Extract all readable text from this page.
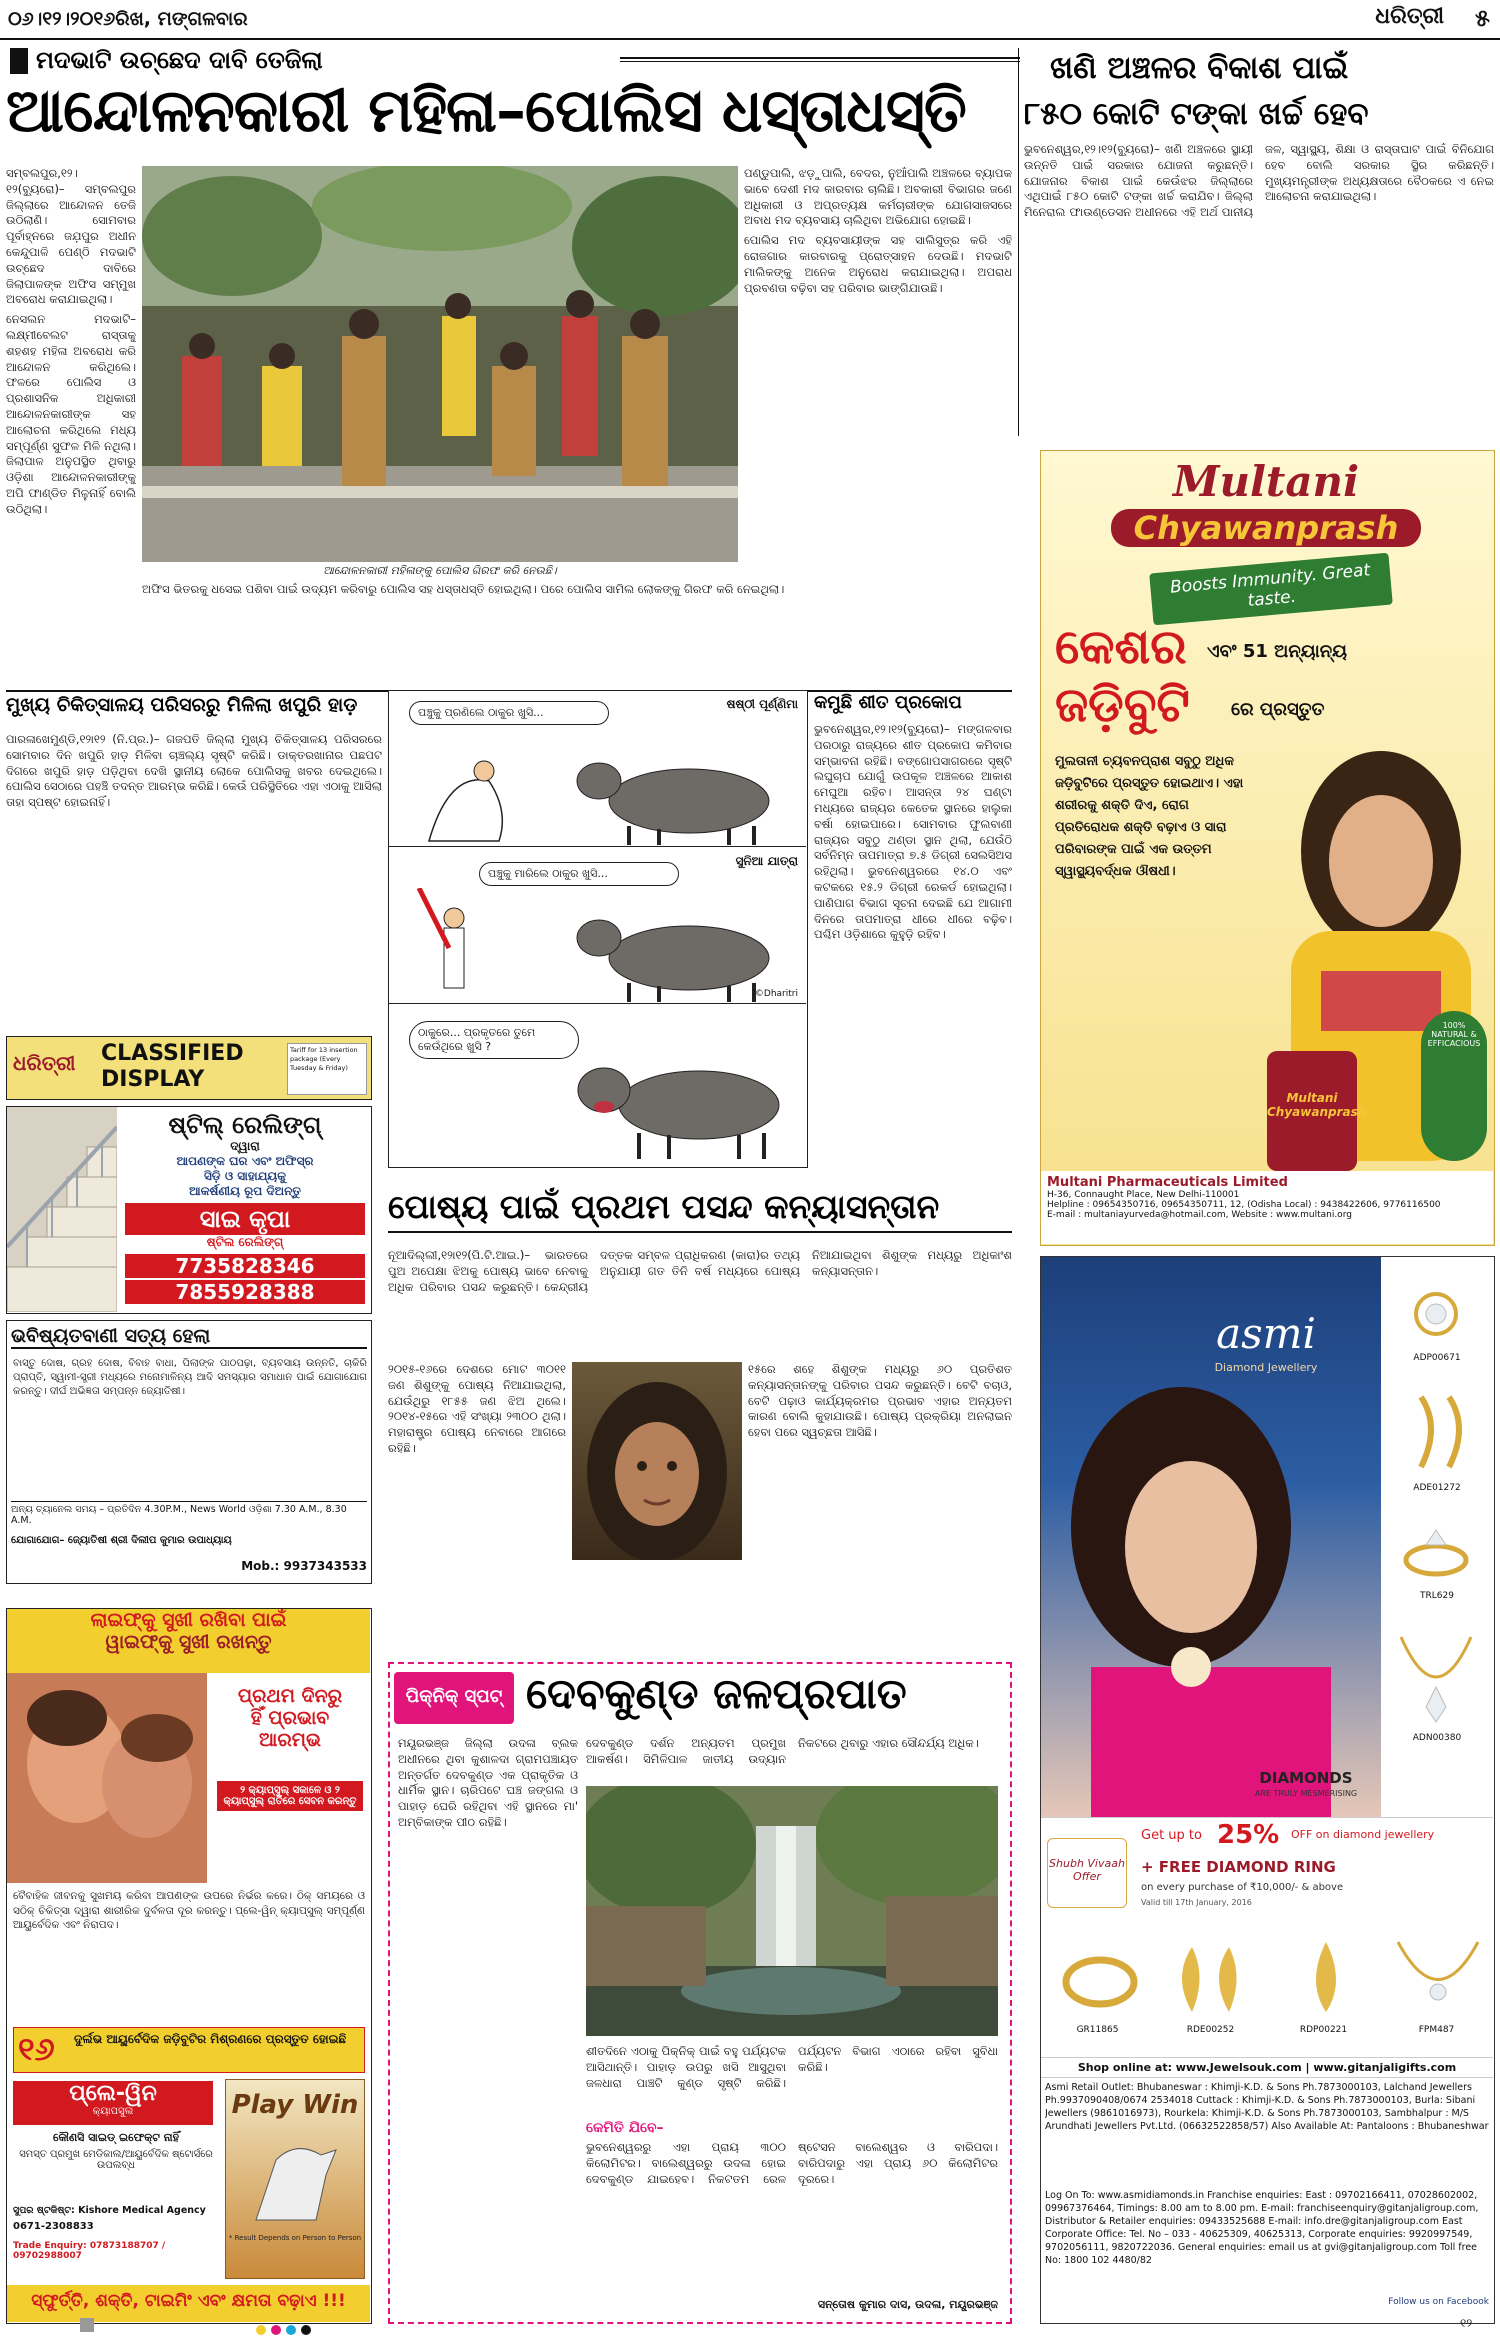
୦୬।୧୨।୨୦୧୬ରିଖ, ମଙ୍ଗଳବାର	ଧରିତ୍ରୀ ୫
ମଦଭାଟି ଉଚ୍ଛେଦ ଦାବି ତେଜିଲା
ଆନ୍ଦୋଳନକାରୀ ମହିଳା–ପୋଲିସ ଧସ୍ତାଧସ୍ତି

ସମ୍ବଲପୁର,୧୨।୧୨(ବ୍ୟୁରୋ)– ସମ୍ବଲପୁର ଜିଲ୍ଲାରେ ଆନ୍ଦୋଳନ ତେଜି ଉଠିଲାଣି। ସୋମବାର ପୂର୍ବାହ୍ନରେ ଜଯ଼ପୁର ଅଧୀନ କେନ୍ଦୁପାଳି ପେଣ୍ଠି ମଦଭାଟି ଉଚ୍ଛେଦ ଦାବିରେ ଜିଲାପାଳଙ୍କ ଅଫିସ ସମ୍ମୁଖ ଅବରୋଧ କରାଯାଇଥିଲା।

ନେସଲନ ମଦଭାଟି–ଲକ୍ଷ୍ମୀବେଲଟ ରାସ୍ତାକୁ ଶହଶହ ମହିଳା ଅବରୋଧ କରି ଆନ୍ଦୋଳନ କରିଥିଲେ। ଫଳରେ ପୋଲିସ ଓ ପ୍ରଶାସନିକ ଅଧିକାରୀ ଆନ୍ଦୋଳନକାରୀଙ୍କ ସହ ଆଲୋଚନା କରିଥିଲେ ମଧ୍ୟ ସମ୍ପୂର୍ଣ୍ଣ ସୁଫଳ ମିଳି ନଥିଲା। ଜିଲାପାଳ ଅନୁପସ୍ଥିତ ଥିବାରୁ ଓଡ଼ିଶା ଆନ୍ଦୋଳନକାରୀଙ୍କୁ ଅପି ଫାଣ୍ଡିତ ମିଳୁନାହିଁ ବୋଲି ଉଠିଥିଲା।

ଆନ୍ଦୋଳନକାରୀ ମହିଳାଙ୍କୁ ପୋଲିସ ଗିରଫ କରି ନେଉଛି।

ପଣ୍ଡୁପାଲି, ଝଡ଼ୁପାଲି, ବେଦର, ନୁଆଁପାଲି ଅଞ୍ଚଳରେ ବ୍ୟାପକ ଭାବେ ଦେଶୀ ମଦ କାରବାର ଚାଲିଛି। ଅବକାରୀ ବିଭାଗର ଜଣେ ଅଧିକାରୀ ଓ ଅପ୍ରତ୍ୟକ୍ଷ କର୍ମଚାରୀଙ୍କ ଯୋଗସାଜସରେ ଅବାଧ ମଦ ବ୍ୟବସାୟ ଚାଲିଥିବା ଅଭିଯୋଗ ହୋଇଛି।

ପୋଲିସ ମଦ ବ୍ୟବସାୟୀଙ୍କ ସହ ସାଲିସୁତ୍ର କରି ଏହି ରୋଜଗାର କାରବାରକୁ ପ୍ରୋତ୍ସାହନ ଦେଉଛି। ମଦଭାଟି ମାଲିକଙ୍କୁ ଅନେକ ଅନୁରୋଧ କରାଯାଇଥିଲା। ଅପରାଧ ପ୍ରବଣତା ବଢ଼ିବା ସହ ପରିବାର ଭାଙ୍ଗିଯାଉଛି।

ଅଫିସ ଭିତରକୁ ଧସେଇ ପଶିବା ପାଇଁ ଉଦ୍ୟମ କରିବାରୁ ପୋଲିସ ସହ ଧସ୍ତାଧସ୍ତି ହୋଇଥିଲା। ପରେ ପୋଲିସ ସାମିଲ ଲୋକଙ୍କୁ ଗିରଫ କରି ନେଇଥିଲା।

ଖଣି ଅଞ୍ଚଳର ବିକାଶ ପାଇଁ
୮୫୦ କୋଟି ଟଙ୍କା ଖର୍ଚ୍ଚ ହେବ
ଭୁବନେଶ୍ୱର,୧୨।୧୨(ବ୍ୟୁରୋ)– ଖଣି ଅଞ୍ଚଳରେ ସ୍ଥାୟୀ ଉନ୍ନତି ପାଇଁ ସରକାର ଯୋଜନା କରୁଛନ୍ତି। ଯୋଜନାର ବିକାଶ ପାଇଁ କେଉଁଝର ଜିଲ୍ଲାରେ ଏଥିପାଇଁ ୮୫୦ କୋଟି ଟଙ୍କା ଖର୍ଚ୍ଚ କରାଯିବ। ଜିଲ୍ଲା ମିନେରାଲ ଫାଉଣ୍ଡେସନ ଅଧୀନରେ ଏହି ଅର୍ଥ ପାନୀୟ ଜଳ, ସ୍ୱାସ୍ଥ୍ୟ, ଶିକ୍ଷା ଓ ରାସ୍ତାଘାଟ ପାଇଁ ବିନିଯୋଗ ହେବ ବୋଲି ସରକାର ସ୍ଥିର କରିଛନ୍ତି। ମୁଖ୍ୟମନ୍ତ୍ରୀଙ୍କ ଅଧ୍ୟକ୍ଷତାରେ ବୈଠକରେ ଏ ନେଇ ଆଲୋଚନା କରାଯାଇଥିଲା।
ମୁଖ୍ୟ ଚିକିତ୍ସାଳୟ ପରିସରରୁ ମିଳିଲା ଖପୁରି ହାଡ଼
ପାରଳାଖେମୁଣ୍ଡି,୧୨ା୧୨ (ନି.ପ୍ର.)– ଗଜପତି ଜିଲ୍ଲା ମୁଖ୍ୟ ଚିକିତ୍ସାଳୟ ପରିସରରେ ସୋମବାର ଦିନ ଖପୁରି ହାଡ଼ ମିଳିବା ଚାଞ୍ଚଲ୍ୟ ସୃଷ୍ଟି କରିଛି। ଡାକ୍ତରଖାନାର ପଛପଟ ଦିଗରେ ଖପୁରି ହାଡ଼ ପଡ଼ିଥିବା ଦେଖି ସ୍ଥାନୀୟ ଲୋକେ ପୋଲିସକୁ ଖବର ଦେଇଥିଲେ। ପୋଲିସ ସେଠାରେ ପହଞ୍ଚି ତଦନ୍ତ ଆରମ୍ଭ କରିଛି। କେଉଁ ପରିସ୍ଥିତିରେ ଏହା ଏଠାକୁ ଆସିଲା ତାହା ସ୍ପଷ୍ଟ ହୋଇନାହିଁ।
ଷଷ୍ଠୀ ପୂର୍ଣ୍ଣିମା
ପଞ୍ଚୁକୁ ପ୍ରଣିଲେ ଠାକୁର ଖୁସି...
ସୁନିଆ ଯାତ୍ରା
ପଞ୍ଚୁକୁ ମାରିଲେ ଠାକୁର ଖୁସି...
©Dharitri
ଠାକୁରେ... ପ୍ରକୃତରେ ତୁମେ କେଉଁଥିରେ ଖୁସି ?
କମୁଛି ଶୀତ ପ୍ରକୋପ
ଭୁବନେଶ୍ୱର,୧୨।୧୨(ବ୍ୟୁରୋ)– ମଙ୍ଗଳବାର ପରଠାରୁ ରାଜ୍ୟରେ ଶୀତ ପ୍ରକୋପ କମିବାର ସମ୍ଭାବନା ରହିଛି। ବଙ୍ଗୋପସାଗରରେ ସୃଷ୍ଟି ଲଘୁଚାପ ଯୋଗୁଁ ଉପକୂଳ ଅଞ୍ଚଳରେ ଆକାଶ ମେଘୁଆ ରହିବ। ଆସନ୍ତା ୨୪ ଘଣ୍ଟା ମଧ୍ୟରେ ରାଜ୍ୟର କେତେକ ସ୍ଥାନରେ ହାଲୁକା ବର୍ଷା ହୋଇପାରେ। ସୋମବାର ଫୁଲବାଣୀ ରାଜ୍ୟର ସବୁଠୁ ଥଣ୍ଡା ସ୍ଥାନ ଥିଲା, ଯେଉଁଠି ସର୍ବନିମ୍ନ ତାପମାତ୍ରା ୭.୫ ଡିଗ୍ରୀ ସେଲସିଅସ ରହିଥିଲା। ଭୁବନେଶ୍ୱରରେ ୧୪.୦ ଏବଂ କଟକରେ ୧୫.୨ ଡିଗ୍ରୀ ରେକର୍ଡ ହୋଇଥିଲା। ପାଣିପାଗ ବିଭାଗ ସୂଚନା ଦେଇଛି ଯେ ଆଗାମୀ ଦିନରେ ତାପମାତ୍ରା ଧୀରେ ଧୀରେ ବଢ଼ିବ। ପଶ୍ଚିମ ଓଡ଼ିଶାରେ କୁହୁଡ଼ି ରହିବ।
ଧରିତ୍ରୀ CLASSIFIED
DISPLAY
Tariff for 13 insertion package (Every Tuesday & Friday)
ଷ୍ଟିଲ୍ ରେଲିଙ୍ଗ୍
ଦ୍ୱାରା
ଆପଣଙ୍କ ଘର ଏବଂ ଅଫିସ୍‌ର
ସିଡ଼ି ଓ ସାହାଯ୍ୟକୁ
ଆକର୍ଷଣୀୟ ରୂପ ଦିଅନ୍ତୁ
ସାଇ କୃପା
ଷ୍ଟିଲ ରେଲିଙ୍ଗ୍
7735828346
7855928388
ଭବିଷ୍ୟତବାଣୀ ସତ୍ୟ ହେଲା
ବାସ୍ତୁ ଦୋଷ, ଗ୍ରହ ଦୋଷ, ବିବାହ ବାଧା, ପିଲାଙ୍କ ପାଠପଢ଼ା, ବ୍ୟବସାୟ ଉନ୍ନତି, ଚାକିରି ପ୍ରାପ୍ତି, ସ୍ୱାମୀ-ସ୍ତ୍ରୀ ମଧ୍ୟରେ ମନୋମାଳିନ୍ୟ ଆଦି ସମସ୍ୟାର ସମାଧାନ ପାଇଁ ଯୋଗାଯୋଗ କରନ୍ତୁ। ଦୀର୍ଘ ଅଭିଜ୍ଞତା ସମ୍ପନ୍ନ ଜ୍ୟୋତିଷୀ।
ଅନ୍ୟ ଚ୍ୟାନେଲ ସମୟ – ପ୍ରତିଦିନ 4.30P.M., News World ଓଡ଼ିଶା 7.30 A.M., 8.30 A.M.
ଯୋଗାଯୋଗ– ଜ୍ୟୋତିଷୀ ଶ୍ରୀ ଦିଲୀପ କୁମାର ଉପାଧ୍ୟାୟ
Mob.: 9937343533
ଲାଇଫ୍‌କୁ ସୁଖୀ ରଖିବା ପାଇଁ
ୱାଇଫ୍‌କୁ ସୁଖୀ ରଖନ୍ତୁ
ପ୍ରଥମ ଦିନରୁ
ହିଁ ପ୍ରଭାବ
ଆରମ୍ଭ
୨ କ୍ୟାପ୍‌ସୁଲ୍ ସକାଳେ ଓ ୨ କ୍ୟାପ୍‌ସୁଲ୍ ରାତିରେ ସେବନ କରନ୍ତୁ
ବୈବାହିକ ଜୀବନକୁ ସୁଖମୟ କରିବା ଆପଣଙ୍କ ଉପରେ ନିର୍ଭର କରେ। ଠିକ୍ ସମୟରେ ଓ ସଠିକ୍ ଚିକିତ୍ସା ଦ୍ୱାରା ଶାରୀରିକ ଦୁର୍ବଳତା ଦୂର କରନ୍ତୁ। ପ୍ଲେ-ୱିନ୍ କ୍ୟାପ୍‌ସୁଲ୍ ସମ୍ପୂର୍ଣ୍ଣ ଆୟୁର୍ବେଦିକ ଏବଂ ନିରାପଦ।
୧୬ ଦୁର୍ଲଭ ଆୟୁର୍ବେଦିକ ଜଡ଼ିବୁଟିର ମିଶ୍ରଣରେ ପ୍ରସ୍ତୁତ ହୋଇଛି
ପ୍ଲେ-ୱିନ
କ୍ୟାପସୁଲ	Play Win
* Result Depends on Person to Person
କୌଣସି ସାଇଡ୍ ଇଫେକ୍ଟ ନାହିଁ
ସମସ୍ତ ପ୍ରମୁଖ ମେଡିକାଲ/ଆୟୁର୍ବେଦିକ ଷ୍ଟୋର୍ସରେ ଉପଲବ୍ଧ
ସୁପର ଷ୍ଟକିଷ୍ଟ: Kishore Medical Agency
0671-2308833
Trade Enquiry: 07873188707 / 09702988007
ସ୍ଫୁର୍ତ୍ତି, ଶକ୍ତି, ଟାଇମିଂ ଏବଂ କ୍ଷମତା ବଢ଼ାଏ !!!
ପୋଷ୍ୟ ପାଇଁ ପ୍ରଥମ ପସନ୍ଦ କନ୍ୟାସନ୍ତାନ
ନୂଆଦିଲ୍ଲୀ,୧୨ା୧୨(ପି.ଟି.ଆଇ.)– ଭାରତରେ ପୁଅ ଅପେକ୍ଷା ଝିଅକୁ ପୋଷ୍ୟ ଭାବେ ନେବାକୁ ଅଧିକ ପରିବାର ପସନ୍ଦ କରୁଛନ୍ତି। କେନ୍ଦ୍ରୀୟ ଦତ୍ତକ ସମ୍ବଳ ପ୍ରାଧିକରଣ (କାରା)ର ତଥ୍ୟ ଅନୁଯାୟୀ ଗତ ତିନି ବର୍ଷ ମଧ୍ୟରେ ପୋଷ୍ୟ ନିଆଯାଇଥିବା ଶିଶୁଙ୍କ ମଧ୍ୟରୁ ଅଧିକାଂଶ କନ୍ୟାସନ୍ତାନ।
୨୦୧୫-୧୬ରେ ଦେଶରେ ମୋଟ ୩୦୧୧ ଜଣ ଶିଶୁଙ୍କୁ ପୋଷ୍ୟ ନିଆଯାଇଥିଲା, ଯେଉଁଥିରୁ ୧୮୫୫ ଜଣ ଝିଅ ଥିଲେ। ୨୦୧୪-୧୫ରେ ଏହି ସଂଖ୍ୟା ୨୩୦୦ ଥିଲା। ମହାରାଷ୍ଟ୍ର ପୋଷ୍ୟ ନେବାରେ ଆଗରେ ରହିଛି।
୧୫ରେ ଶହେ ଶିଶୁଙ୍କ ମଧ୍ୟରୁ ୬୦ ପ୍ରତିଶତ କନ୍ୟାସନ୍ତାନଙ୍କୁ ପରିବାର ପସନ୍ଦ କରୁଛନ୍ତି। ବେଟି ବଚାଓ, ବେଟି ପଢ଼ାଓ କାର୍ଯ୍ୟକ୍ରମର ପ୍ରଭାବ ଏହାର ଅନ୍ୟତମ କାରଣ ବୋଲି କୁହାଯାଉଛି। ପୋଷ୍ୟ ପ୍ରକ୍ରିୟା ଅନଲାଇନ ହେବା ପରେ ସ୍ୱଚ୍ଛତା ଆସିଛି।
ପିକ୍‌ନିକ୍ ସ୍ପଟ୍ ଦେବକୁଣ୍ଡ ଜଳପ୍ରପାତ
ମୟୂରଭଞ୍ଜ ଜିଲ୍ଲା ଉଦଳା ବ୍ଲକ ଅଧୀନରେ ଥିବା କୁଶାଳଦା ଗ୍ରାମପଞ୍ଚାୟତ ଅନ୍ତର୍ଗତ ଦେବକୁଣ୍ଡ ଏକ ପ୍ରାକୃତିକ ଓ ଧାର୍ମିକ ସ୍ଥାନ। ଚାରିପଟେ ଘଞ୍ଚ ଜଙ୍ଗଲ ଓ ପାହାଡ଼ ଘେରି ରହିଥିବା ଏହି ସ୍ଥାନରେ ମା' ଅମ୍ବିକାଙ୍କ ପୀଠ ରହିଛି।
ଦେବକୁଣ୍ଡ ଦର୍ଶନ ଅନ୍ୟତମ ପ୍ରମୁଖ ଆକର୍ଷଣ। ସିମିଳିପାଳ ଜାତୀୟ ଉଦ୍ୟାନ ନିକଟରେ ଥିବାରୁ ଏହାର ସୌନ୍ଦର୍ଯ୍ୟ ଅଧିକ।
ଶୀତଦିନେ ଏଠାକୁ ପିକ୍‌ନିକ୍ ପାଇଁ ବହୁ ପର୍ଯ୍ୟଟକ ଆସିଥାନ୍ତି। ପାହାଡ଼ ଉପରୁ ଖସି ଆସୁଥିବା ଜଳଧାରା ପାଞ୍ଚଟି କୁଣ୍ଡ ସୃଷ୍ଟି କରିଛି। ପର୍ଯ୍ୟଟନ ବିଭାଗ ଏଠାରେ ରହିବା ସୁବିଧା କରିଛି।
କେମିତି ଯିବେ–
ଭୁବନେଶ୍ୱରରୁ ଏହା ପ୍ରାୟ ୩୦୦ କିଲୋମିଟର। ବାଲେଶ୍ୱରରୁ ଉଦଳା ହୋଇ ଦେବକୁଣ୍ଡ ଯାଇହେବ। ନିକଟତମ ରେଳ ଷ୍ଟେସନ ବାଲେଶ୍ୱର ଓ ବାରିପଦା। ବାରିପଦାରୁ ଏହା ପ୍ରାୟ ୬୦ କିଲୋମିଟର ଦୂରରେ।
ସନ୍ତୋଷ କୁମାର ଦାସ, ଉଦଳା, ମୟୂରଭଞ୍ଜ
Multani
Chyawanprash
Boosts Immunity. Great taste.
କେଶର ଏବଂ 51 ଅନ୍ୟାନ୍ୟ
ଜଡ଼ିବୁଟି ରେ ପ୍ରସ୍ତୁତ
ମୁଲତାନୀ ଚ୍ୟବନପ୍ରାଶ ସବୁଠୁ ଅଧିକ ଜଡ଼ିବୁଟିରେ ପ୍ରସ୍ତୁତ ହୋଇଥାଏ। ଏହା ଶରୀରକୁ ଶକ୍ତି ଦିଏ, ରୋଗ ପ୍ରତିରୋଧକ ଶକ୍ତି ବଢ଼ାଏ ଓ ସାରା ପରିବାରଙ୍କ ପାଇଁ ଏକ ଉତ୍ତମ ସ୍ୱାସ୍ଥ୍ୟବର୍ଦ୍ଧକ ଔଷଧୀ।
Multani Chyawanprash
100% NATURAL & EFFICACIOUS
Multani Pharmaceuticals Limited
H-36, Connaught Place, New Delhi-110001
Helpline : 09654350716, 09654350711, 12, (Odisha Local) : 9438422606, 9776116500
E-mail : multaniayurveda@hotmail.com, Website : www.multani.org
asmi
Diamond Jewellery
DIAMONDS
ARE TRULY MESMERISING
ADP00671
ADE01272
TRL629
ADN00380
Shubh Vivaah Offer
Get up to 25% OFF on diamond jewellery
+ FREE DIAMOND RING
on every purchase of ₹10,000/- & above
Valid till 17th January, 2016
GR11865	RDE00252	RDP00221	FPM487
Shop online at: www.Jewelsouk.com | www.gitanjaligifts.com
Asmi Retail Outlet: Bhubaneswar : Khimji-K.D. & Sons Ph.7873000103, Lalchand Jewellers Ph.9937090408/0674 2534018 Cuttack : Khimji-K.D. & Sons Ph.7873000103, Burla: Sibani Jewellers (9861016973), Rourkela: Khimji-K.D. & Sons Ph.7873000103, Sambhalpur : M/S Arundhati Jewellers Pvt.Ltd. (06632522858/57) Also Available At: Pantaloons : Bhubaneshwar
Log On To: www.asmidiamonds.in Franchise enquiries: East : 09702166411, 07028602002, 09967376464, Timings: 8.00 am to 8.00 pm. E-mail: franchiseenquiry@gitanjaligroup.com, Distributor & Retailer enquiries: 09433525688 E-mail: info.dre@gitanjaligroup.com East Corporate Office: Tel. No – 033 - 40625309, 40625313, Corporate enquiries: 9920997549, 9702056111, 9820722036. General enquiries: email us at gvi@gitanjaligroup.com Toll free No: 1800 102 4480/82
Follow us on Facebook

୧୨
